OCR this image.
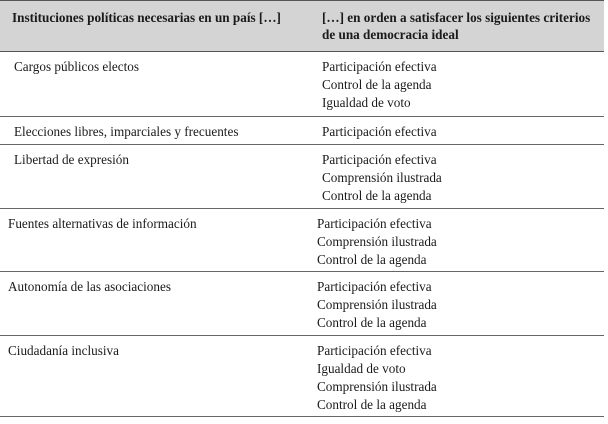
Instituciones políticas necesarias en un país […]	[…] en orden a satisfacer los siguientes criterios de una democracia ideal
Cargos públicos electos	Participación efectiva
Control de la agenda
Igualdad de voto
Elecciones libres, imparciales y frecuentes	Participación efectiva
Libertad de expresión	Participación efectiva
Comprensión ilustrada
Control de la agenda
Fuentes alternativas de información	Participación efectiva
Comprensión ilustrada
Control de la agenda
Autonomía de las asociaciones	Participación efectiva
Comprensión ilustrada
Control de la agenda
Ciudadanía inclusiva	Participación efectiva
Igualdad de voto
Comprensión ilustrada
Control de la agenda
